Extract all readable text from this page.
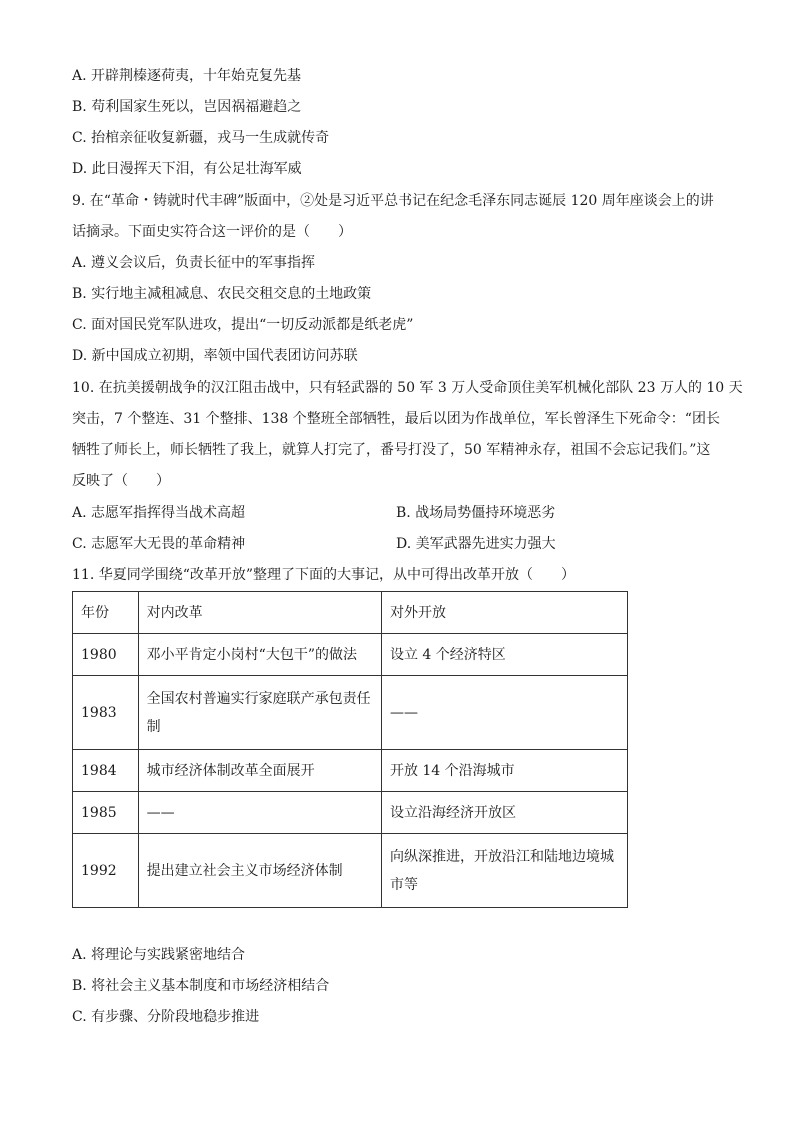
A. 开辟荆榛逐荷夷，十年始克复先基
B. 苟利国家生死以，岂因祸福避趋之
C. 抬棺亲征收复新疆，戎马一生成就传奇
D. 此日漫挥天下泪，有公足壮海军威
9. 在“革命・铸就时代丰碑”版面中，②处是习近平总书记在纪念毛泽东同志诞辰 120 周年座谈会上的讲
话摘录。下面史实符合这一评价的是（　　）
A. 遵义会议后，负责长征中的军事指挥
B. 实行地主减租减息、农民交租交息的土地政策
C. 面对国民党军队进攻，提出“一切反动派都是纸老虎”
D. 新中国成立初期，率领中国代表团访问苏联
10. 在抗美援朝战争的汉江阻击战中，只有轻武器的 50 军 3 万人受命顶住美军机械化部队 23 万人的 10 天
突击，7 个整连、31 个整排、138 个整班全部牺牲，最后以团为作战单位，军长曾泽生下死命令：“团长
牺牲了师长上，师长牺牲了我上，就算人打完了，番号打没了，50 军精神永存，祖国不会忘记我们。”这
反映了（　　）
A. 志愿军指挥得当战术高超	B. 战场局势僵持环境恶劣
C. 志愿军大无畏的革命精神	D. 美军武器先进实力强大
11. 华夏同学围绕“改革开放”整理了下面的大事记，从中可得出改革开放（　　）
年份	对内改革	对外开放
1980	邓小平肯定小岗村“大包干”的做法	设立 4 个经济特区
1983	全国农村普遍实行家庭联产承包责任
制	——
1984	城市经济体制改革全面展开	开放 14 个沿海城市
1985	——	设立沿海经济开放区
1992	提出建立社会主义市场经济体制	向纵深推进，开放沿江和陆地边境城
市等
A. 将理论与实践紧密地结合
B. 将社会主义基本制度和市场经济相结合
C. 有步骤、分阶段地稳步推进
